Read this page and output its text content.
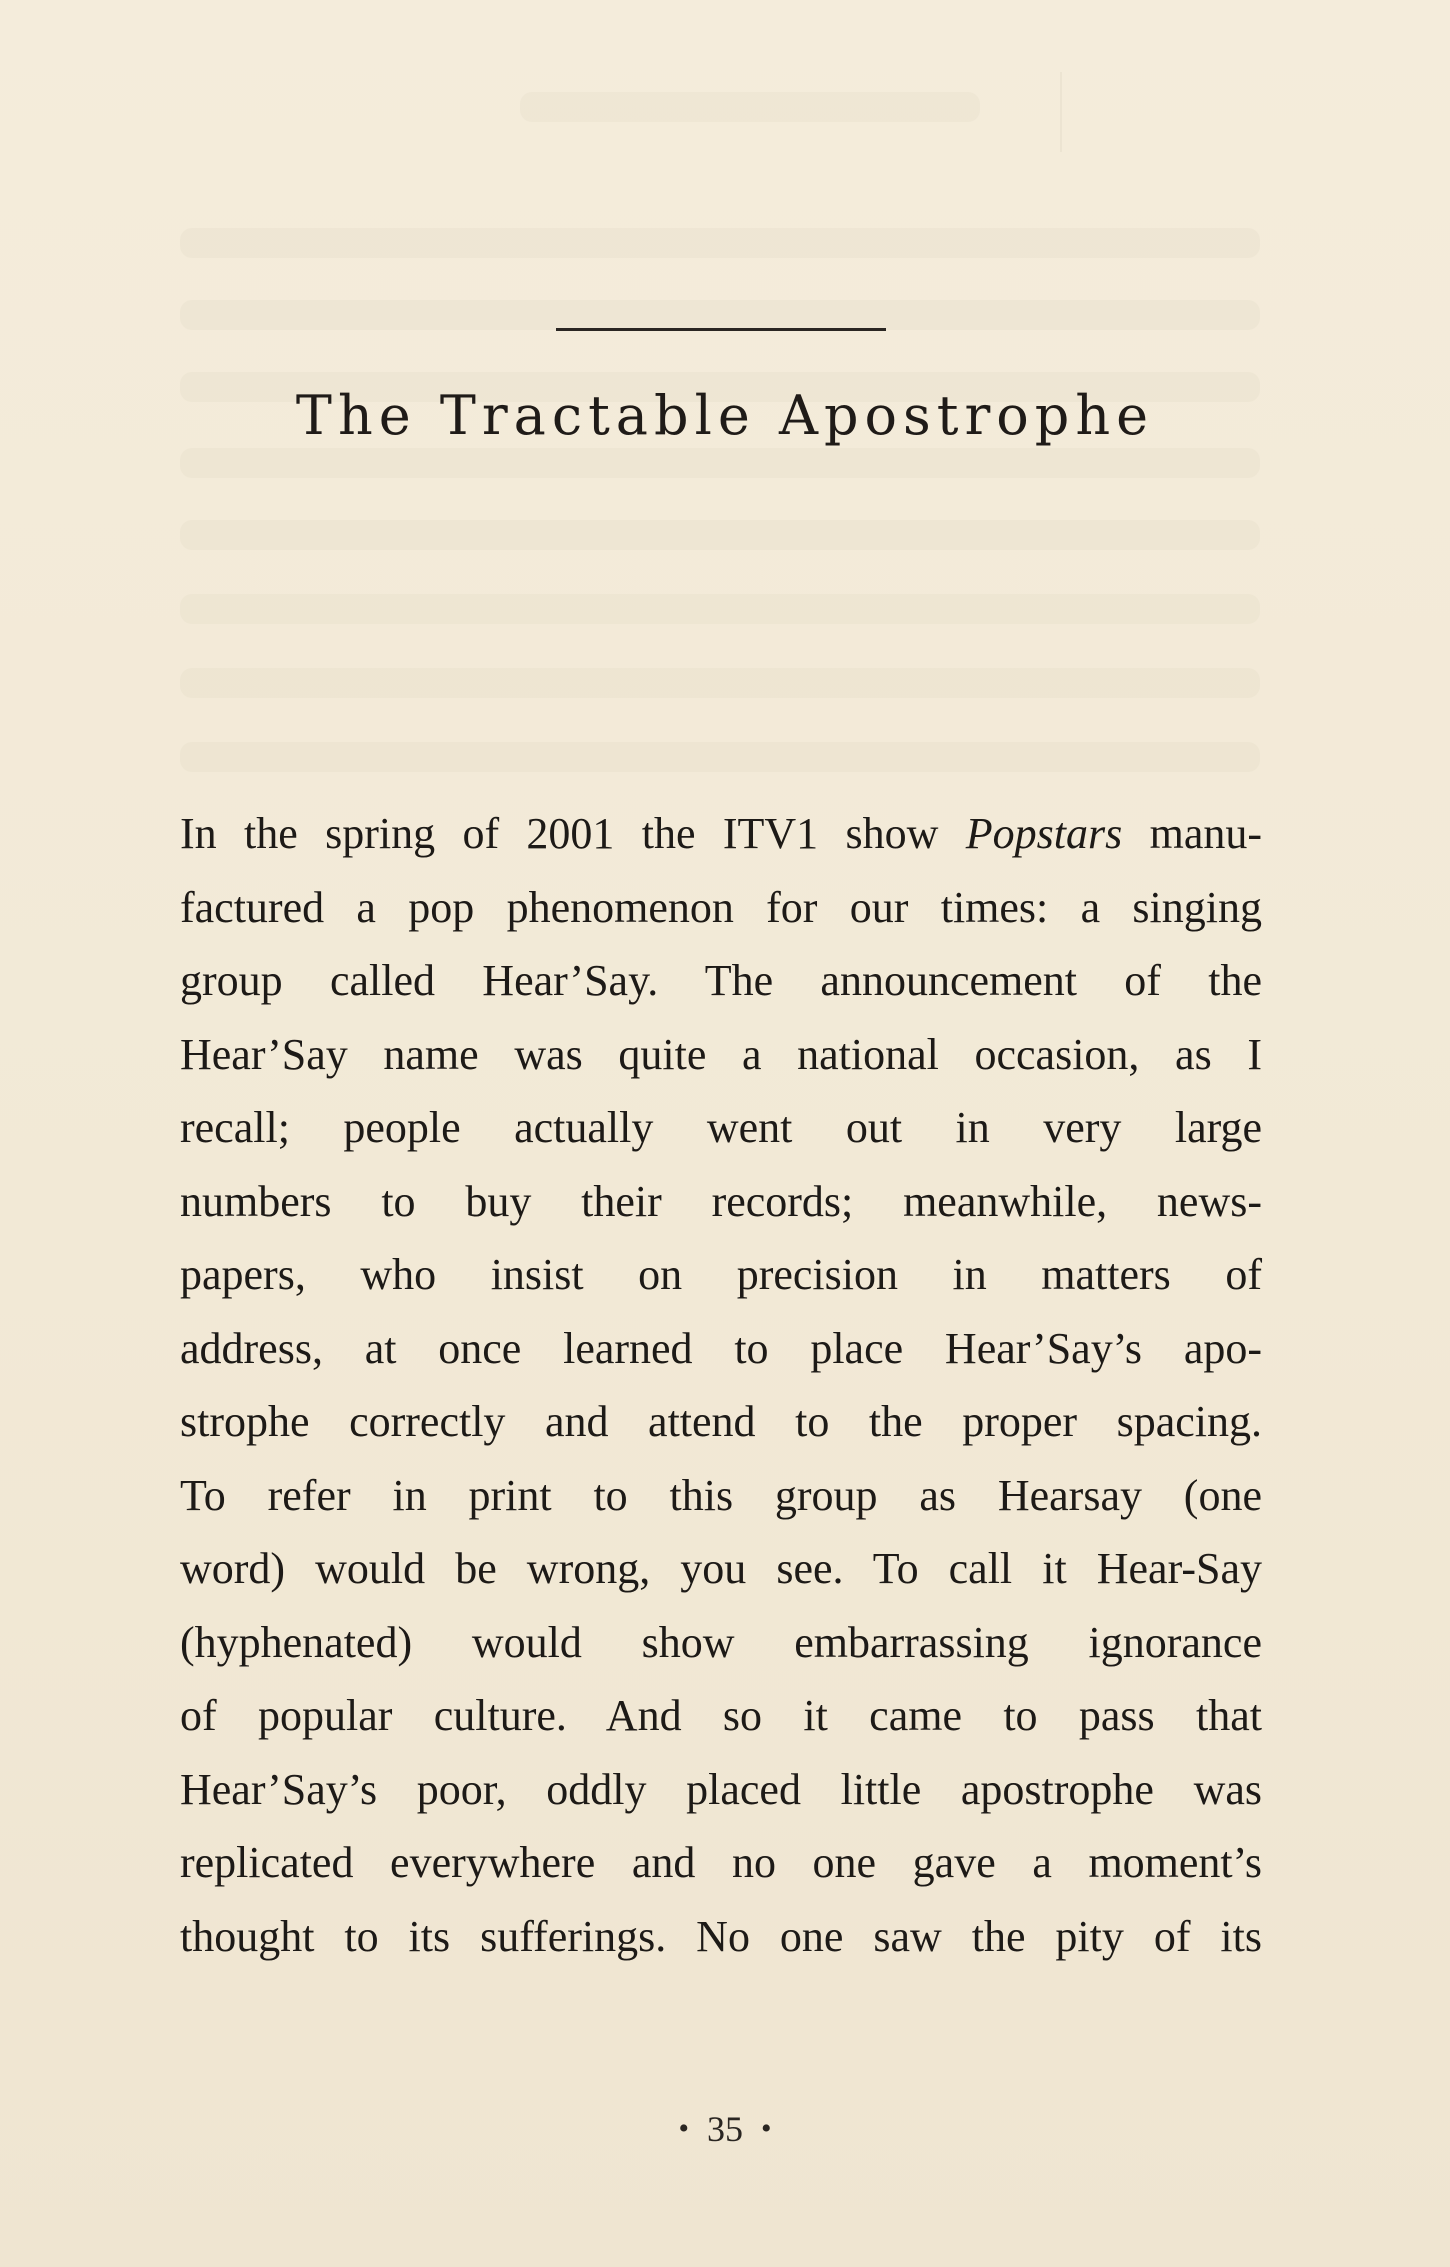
The Tractable Apostrophe
In the spring of 2001 the ITV1 show Popstars manu-
factured a pop phenomenon for our times: a singing
group called Hear’Say. The announcement of the
Hear’Say name was quite a national occasion, as I
recall; people actually went out in very large
numbers to buy their records; meanwhile, news-
papers, who insist on precision in matters of
address, at once learned to place Hear’Say’s apo-
strophe correctly and attend to the proper spacing.
To refer in print to this group as Hearsay (one
word) would be wrong, you see. To call it Hear-Say
(hyphenated) would show embarrassing ignorance
of popular culture. And so it came to pass that
Hear’Say’s poor, oddly placed little apostrophe was
replicated everywhere and no one gave a moment’s
thought to its sufferings. No one saw the pity of its
• 35 •
